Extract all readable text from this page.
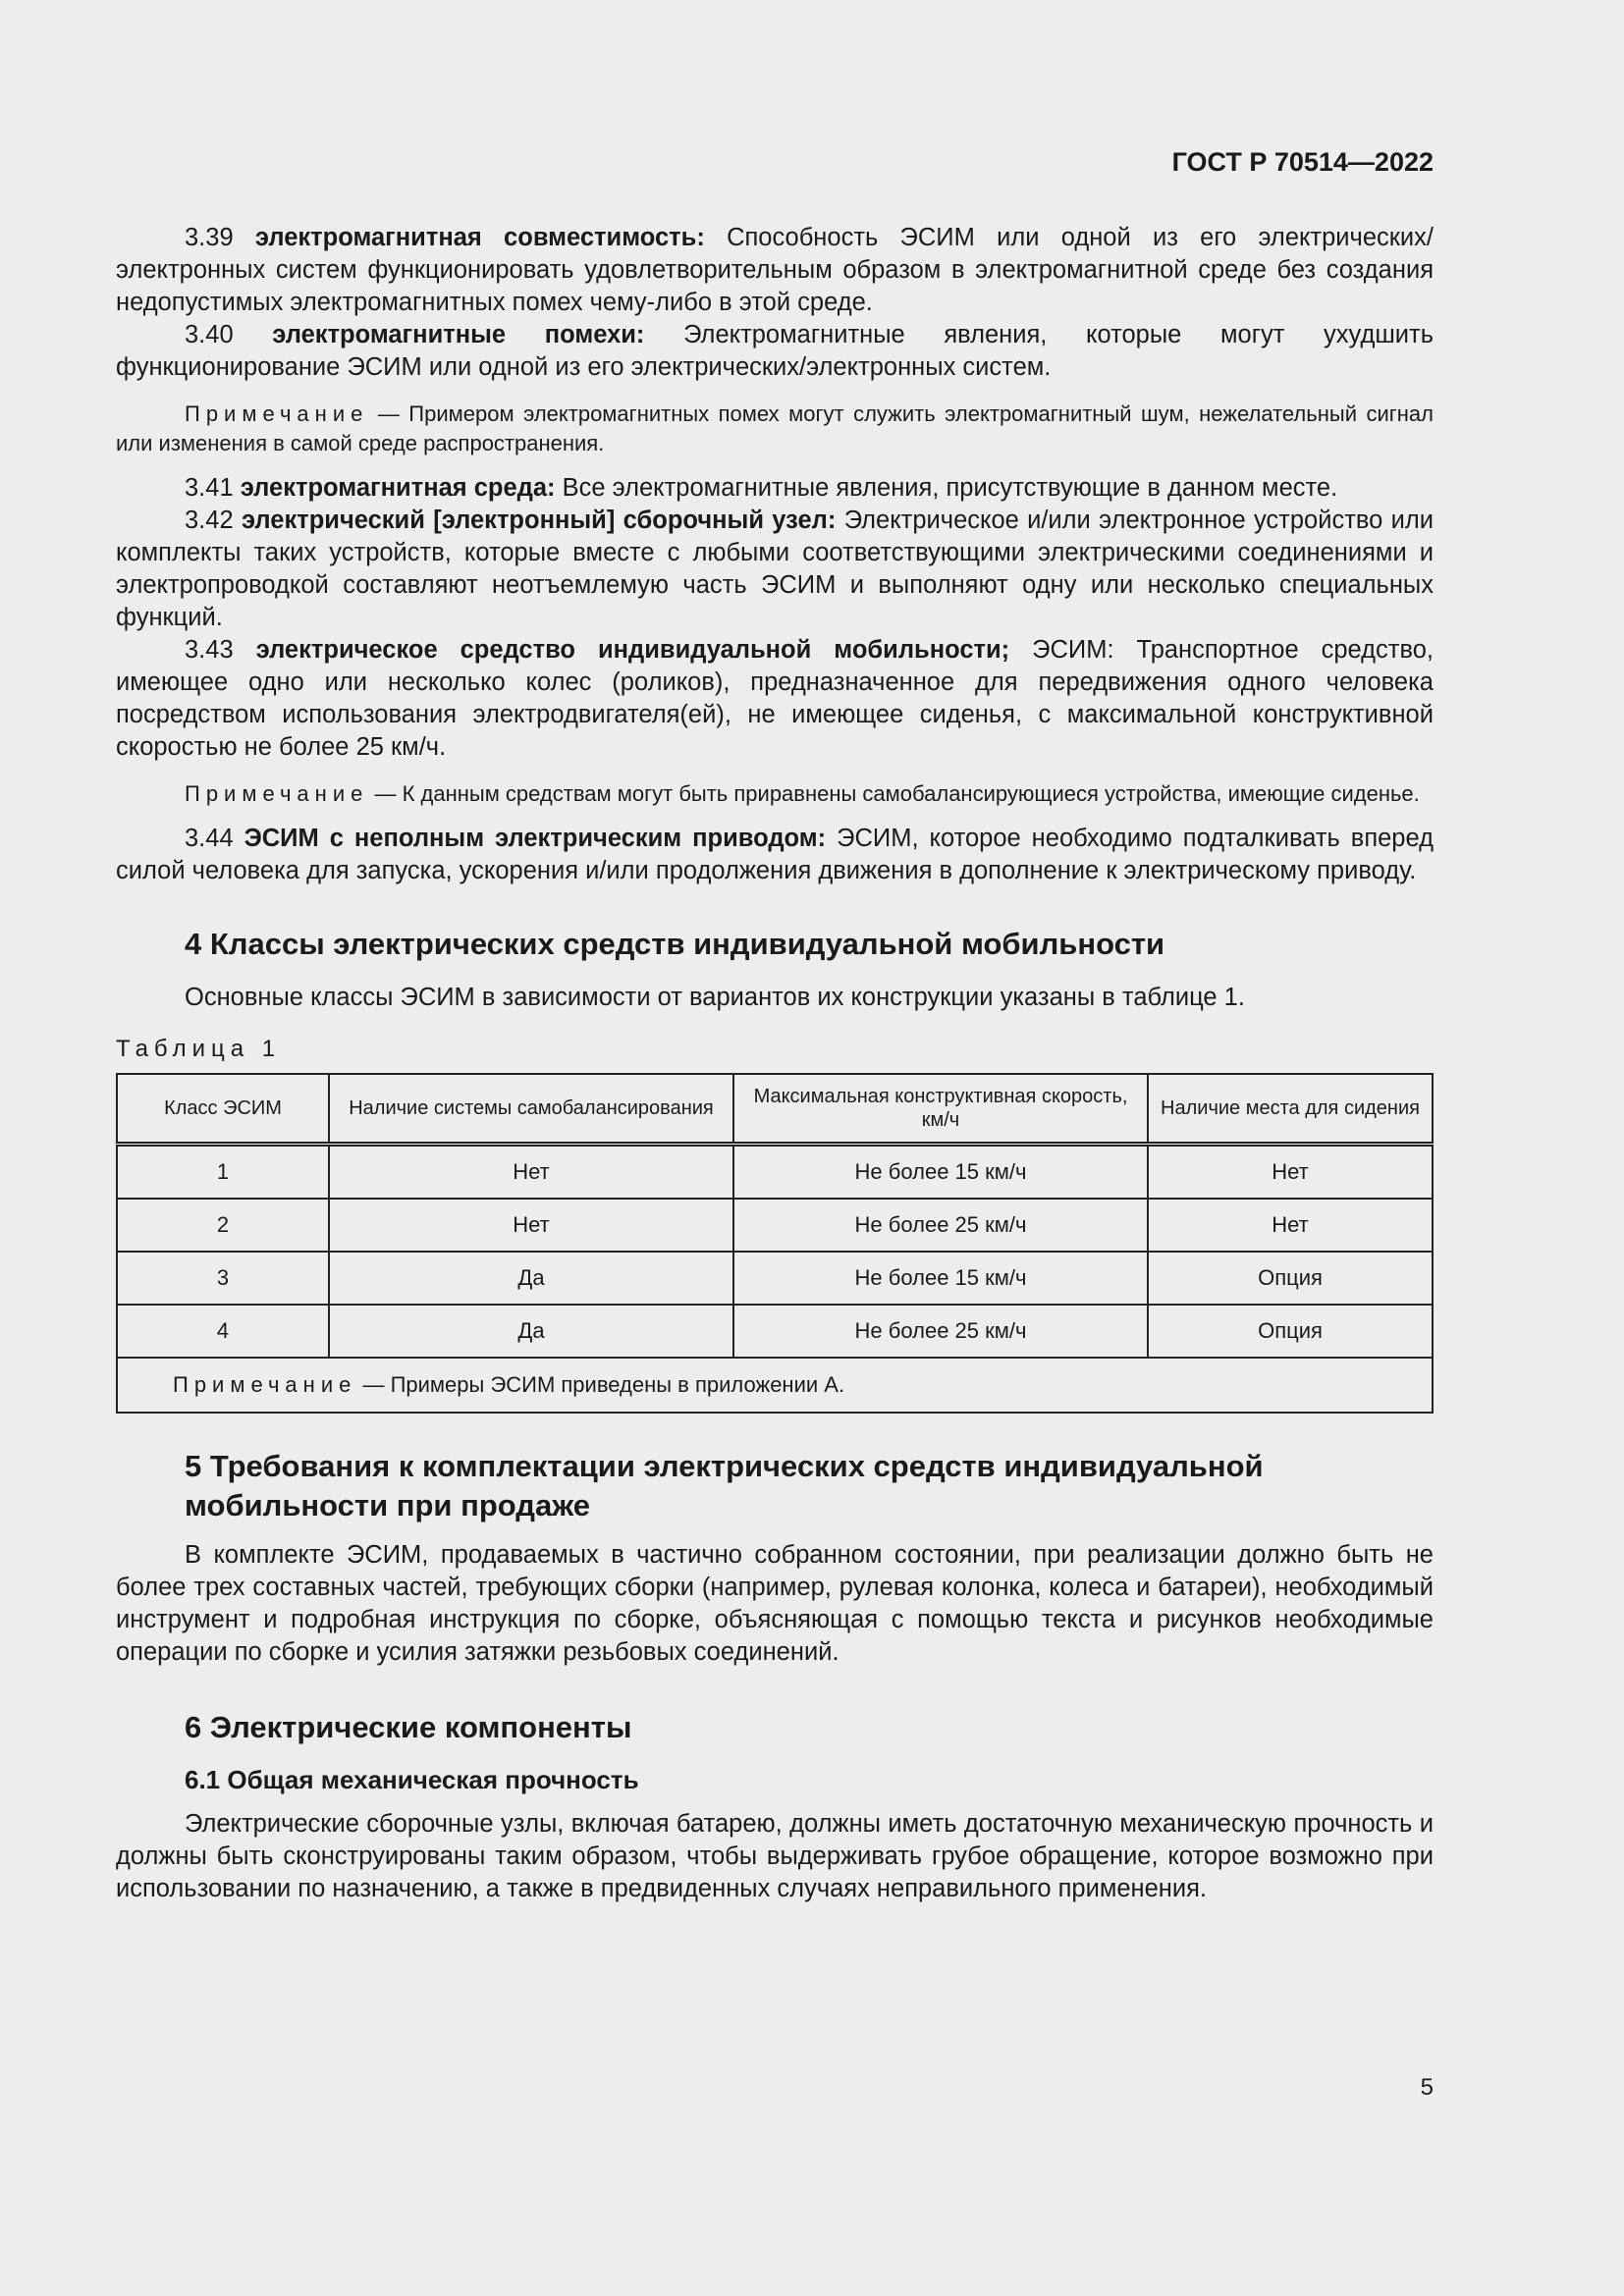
ГОСТ Р 70514—2022

3.39 электромагнитная совместимость: Способность ЭСИМ или одной из его электрических/электронных систем функционировать удовлетворительным образом в электромагнитной среде без создания недопустимых электромагнитных помех чему-либо в этой среде.

3.40 электромагнитные помехи: Электромагнитные явления, которые могут ухудшить функционирование ЭСИМ или одной из его электрических/электронных систем.

Примечание — Примером электромагнитных помех могут служить электромагнитный шум, нежелательный сигнал или изменения в самой среде распространения.

3.41 электромагнитная среда: Все электромагнитные явления, присутствующие в данном месте.

3.42 электрический [электронный] сборочный узел: Электрическое и/или электронное устройство или комплекты таких устройств, которые вместе с любыми соответствующими электрическими соединениями и электропроводкой составляют неотъемлемую часть ЭСИМ и выполняют одну или несколько специальных функций.

3.43 электрическое средство индивидуальной мобильности; ЭСИМ: Транспортное средство, имеющее одно или несколько колес (роликов), предназначенное для передвижения одного человека посредством использования электродвигателя(ей), не имеющее сиденья, с максимальной конструктивной скоростью не более 25 км/ч.

Примечание — К данным средствам могут быть приравнены самобалансирующиеся устройства, имеющие сиденье.

3.44 ЭСИМ с неполным электрическим приводом: ЭСИМ, которое необходимо подталкивать вперед силой человека для запуска, ускорения и/или продолжения движения в дополнение к электрическому приводу.

4 Классы электрических средств индивидуальной мобильности

Основные классы ЭСИМ в зависимости от вариантов их конструкции указаны в таблице 1.

Таблица 1
Класс ЭСИМ	Наличие системы самобалансирования	Максимальная конструктивная скорость, км/ч	Наличие места для сидения
1	Нет	Не более 15 км/ч	Нет
2	Нет	Не более 25 км/ч	Нет
3	Да	Не более 15 км/ч	Опция
4	Да	Не более 25 км/ч	Опция
Примечание — Примеры ЭСИМ приведены в приложении А.			
5 Требования к комплектации электрических средств индивидуальной мобильности при продаже

В комплекте ЭСИМ, продаваемых в частично собранном состоянии, при реализации должно быть не более трех составных частей, требующих сборки (например, рулевая колонка, колеса и батареи), необходимый инструмент и подробная инструкция по сборке, объясняющая с помощью текста и рисунков необходимые операции по сборке и усилия затяжки резьбовых соединений.

6 Электрические компоненты
6.1 Общая механическая прочность

Электрические сборочные узлы, включая батарею, должны иметь достаточную механическую прочность и должны быть сконструированы таким образом, чтобы выдерживать грубое обращение, которое возможно при использовании по назначению, а также в предвиденных случаях неправильного применения.

5
